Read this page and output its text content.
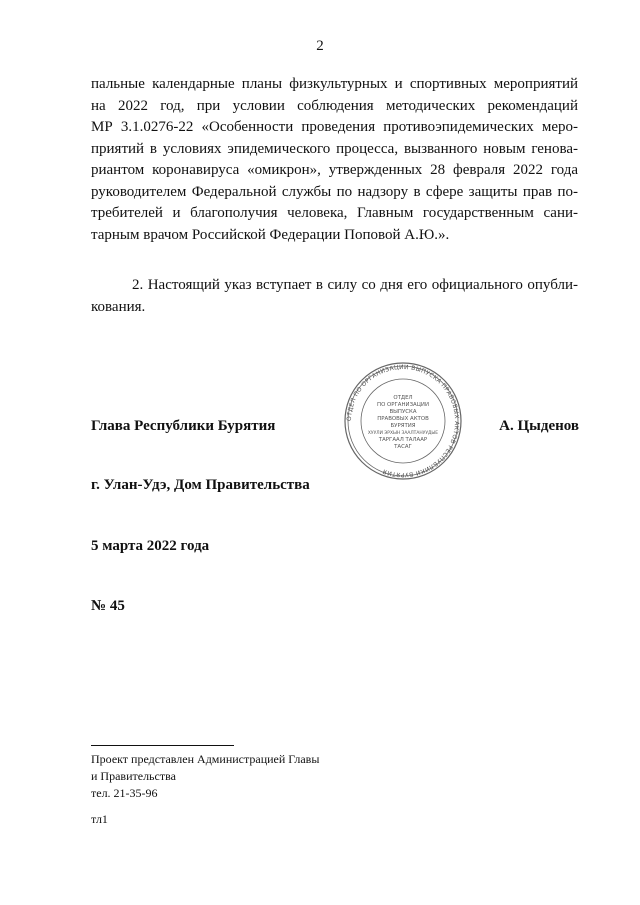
2

пальные календарные планы физкультурных и спортивных мероприятий
на 2022 год, при условии соблюдения методических рекомендаций
МР 3.1.0276-22 «Особенности проведения противоэпидемических меро-
приятий в условиях эпидемического процесса, вызванного новым генова-
риантом коронавируса «омикрон», утвержденных 28 февраля 2022 года
руководителем Федеральной службы по надзору в сфере защиты прав по-
требителей и благополучия человека, Главным государственным сани-
тарным врачом Российской Федерации Поповой А.Ю.».

2. Настоящий указ вступает в силу со дня его официального опубли-
кования.

Глава Республики Бурятия	ОТДЕЛ ПО ОРГАНИЗАЦИИ ВЫПУСКА ПРАВОВЫХ АКТОВ РЕСПУБЛИКИ БУРЯТИЯ
ОТДЕЛ
ПО ОРГАНИЗАЦИИ
ВЫПУСКА
ПРАВОВЫХ АКТОВ
БУРЯТИЯ
ХУУЛИ ЭРХЫН ЗААЛТАНУУДЫЕ
ТАРГААЛ ТАЛААР
ТАСАГ
А. Цыденов
г. Улан-Удэ, Дом Правительства
5 марта 2022 года
№ 45
Проект представлен Администрацией Главы
и Правительства
тел. 21-35-96
тл1
